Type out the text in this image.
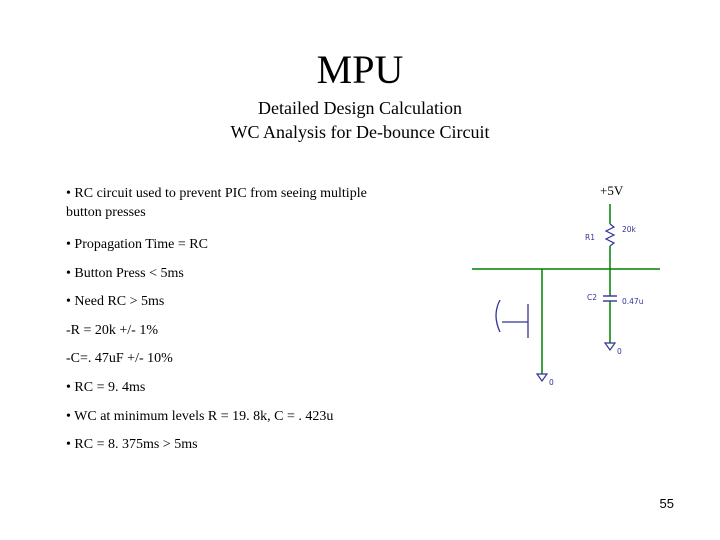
MPU
Detailed Design Calculation
WC Analysis for De-bounce Circuit
• RC circuit used to prevent PIC from seeing multiple
button presses
• Propagation Time = RC
• Button Press < 5ms
• Need RC > 5ms
-R = 20k +/- 1%
-C=. 47uF +/- 10%
• RC = 9. 4ms
• WC at minimum levels R = 19. 8k, C = . 423u
• RC = 8. 375ms > 5ms
+5V
R1
20k
C2	0.47u
0
0
55
